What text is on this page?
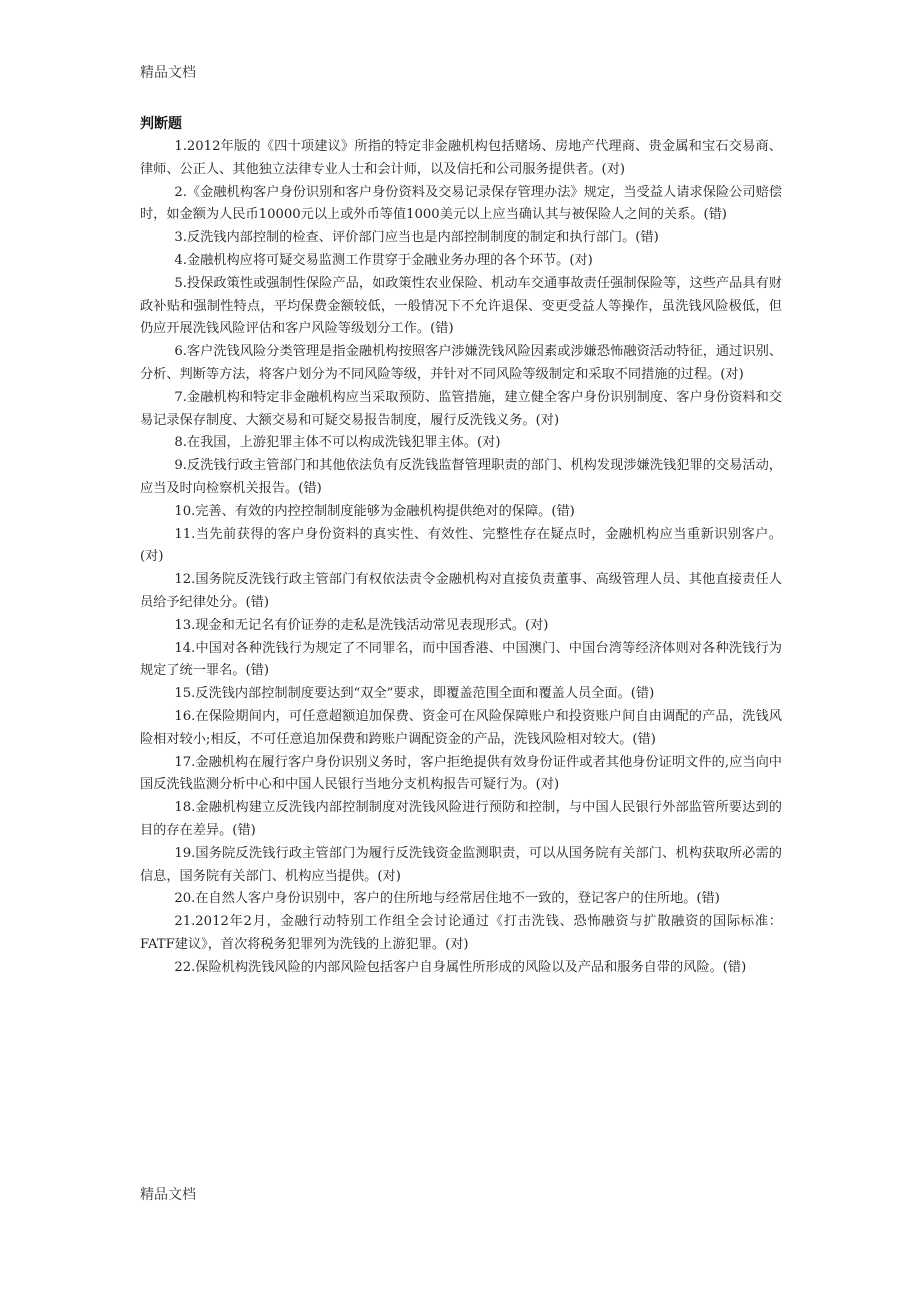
精品文档
判断题

1.2012年版的《四十项建议》所指的特定非金融机构包括赌场、房地产代理商、贵金属和宝石交易商、律师、公正人、其他独立法律专业人士和会计师，以及信托和公司服务提供者。(对)

2.《金融机构客户身份识别和客户身份资料及交易记录保存管理办法》规定，当受益人请求保险公司赔偿时，如金额为人民币10000元以上或外币等值1000美元以上应当确认其与被保险人之间的关系。(错)

3.反洗钱内部控制的检查、评价部门应当也是内部控制制度的制定和执行部门。(错)

4.金融机构应将可疑交易监测工作贯穿于金融业务办理的各个环节。(对)

5.投保政策性或强制性保险产品，如政策性农业保险、机动车交通事故责任强制保险等，这些产品具有财政补贴和强制性特点，平均保费金额较低，一般情况下不允许退保、变更受益人等操作，虽洗钱风险极低，但仍应开展洗钱风险评估和客户风险等级划分工作。(错)

6.客户洗钱风险分类管理是指金融机构按照客户涉嫌洗钱风险因素或涉嫌恐怖融资活动特征，通过识别、分析、判断等方法，将客户划分为不同风险等级，并针对不同风险等级制定和采取不同措施的过程。(对)

7.金融机构和特定非金融机构应当采取预防、监管措施，建立健全客户身份识别制度、客户身份资料和交易记录保存制度、大额交易和可疑交易报告制度，履行反洗钱义务。(对)

8.在我国，上游犯罪主体不可以构成洗钱犯罪主体。(对)

9.反洗钱行政主管部门和其他依法负有反洗钱监督管理职责的部门、机构发现涉嫌洗钱犯罪的交易活动，应当及时向检察机关报告。(错)

10.完善、有效的内控控制制度能够为金融机构提供绝对的保障。(错)

11.当先前获得的客户身份资料的真实性、有效性、完整性存在疑点时，金融机构应当重新识别客户。(对)

12.国务院反洗钱行政主管部门有权依法责令金融机构对直接负责董事、高级管理人员、其他直接责任人员给予纪律处分。(错)

13.现金和无记名有价证券的走私是洗钱活动常见表现形式。(对)

14.中国对各种洗钱行为规定了不同罪名，而中国香港、中国澳门、中国台湾等经济体则对各种洗钱行为规定了统一罪名。(错)

15.反洗钱内部控制制度要达到“双全”要求，即覆盖范围全面和覆盖人员全面。(错)

16.在保险期间内，可任意超额追加保费、资金可在风险保障账户和投资账户间自由调配的产品，洗钱风险相对较小;相反，不可任意追加保费和跨账户调配资金的产品，洗钱风险相对较大。(错)

17.金融机构在履行客户身份识别义务时，客户拒绝提供有效身份证件或者其他身份证明文件的,应当向中国反洗钱监测分析中心和中国人民银行当地分支机构报告可疑行为。(对)

18.金融机构建立反洗钱内部控制制度对洗钱风险进行预防和控制，与中国人民银行外部监管所要达到的目的存在差异。(错)

19.国务院反洗钱行政主管部门为履行反洗钱资金监测职责，可以从国务院有关部门、机构获取所必需的信息，国务院有关部门、机构应当提供。(对)

20.在自然人客户身份识别中，客户的住所地与经常居住地不一致的，登记客户的住所地。(错)

21.2012年2月，金融行动特别工作组全会讨论通过《打击洗钱、恐怖融资与扩散融资的国际标准：FATF建议》，首次将税务犯罪列为洗钱的上游犯罪。(对)

22.保险机构洗钱风险的内部风险包括客户自身属性所形成的风险以及产品和服务自带的风险。(错)

精品文档
